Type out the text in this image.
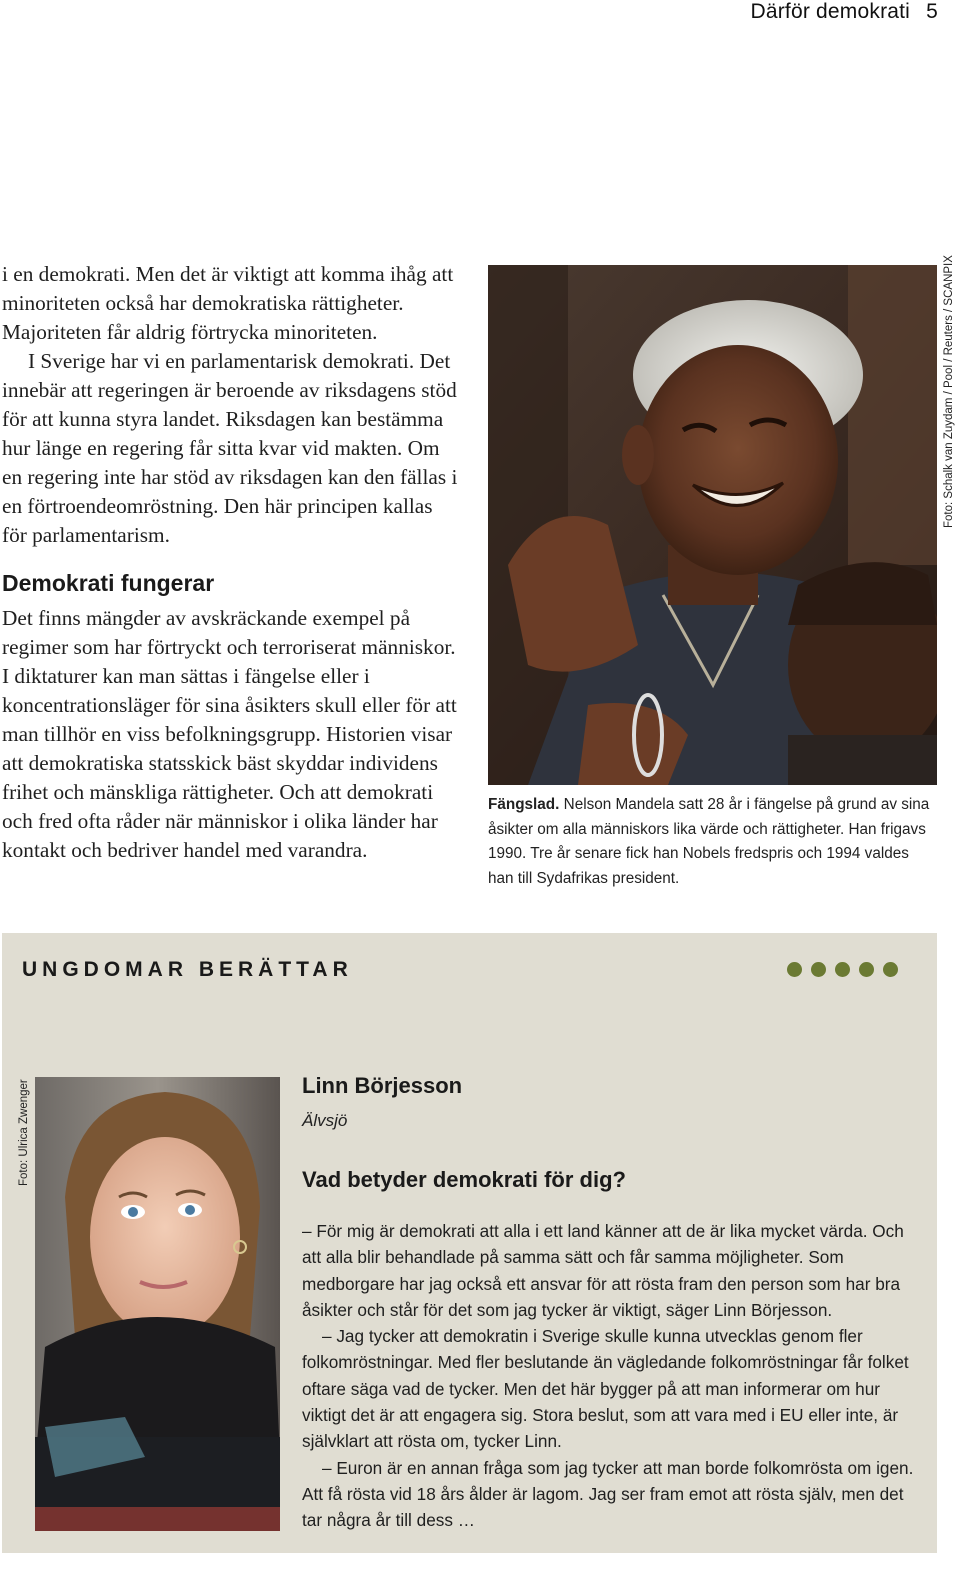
Därför demokrati 5

i en demokrati. Men det är viktigt att komma ihåg att minoriteten också har demokratiska rättigheter. Majoriteten får aldrig förtrycka minoriteten.

I Sverige har vi en parlamentarisk demokrati. Det innebär att regeringen är beroende av riksdagens stöd för att kunna styra landet. Riksdagen kan bestämma hur länge en regering får sitta kvar vid makten. Om en regering inte har stöd av riksdagen kan den fällas i en förtroendeomröstning. Den här principen kallas för parlamentarism.

Demokrati fungerar

Det finns mängder av avskräckande exempel på regimer som har förtryckt och terroriserat människor. I diktaturer kan man sättas i fängelse eller i koncentrationsläger för sina åsikters skull eller för att man tillhör en viss befolkningsgrupp. Historien visar att demokratiska statsskick bäst skyddar individens frihet och mänskliga rättigheter. Och att demokrati och fred ofta råder när människor i olika länder har kontakt och bedriver handel med varandra.

Foto: Schalk van Zuydam / Pool / Reuters / SCANPIX
Fängslad. Nelson Mandela satt 28 år i fängelse på grund av sina åsikter om alla människors lika värde och rättigheter. Han frigavs 1990. Tre år senare fick han Nobels fredspris och 1994 valdes han till Sydafrikas president.
UNGDOMAR BERÄTTAR
Foto: Ulrica Zwenger	Linn Börjesson
Älvsjö
Vad betyder demokrati för dig?

– För mig är demokrati att alla i ett land känner att de är lika mycket värda. Och att alla blir behandlade på samma sätt och får samma möjligheter. Som medborgare har jag också ett ansvar för att rösta fram den person som har bra åsikter och står för det som jag tycker är viktigt, säger Linn Börjesson.

– Jag tycker att demokratin i Sverige skulle kunna utvecklas genom fler folkomröstningar. Med fler beslutande än vägledande folkomröstningar får folket oftare säga vad de tycker. Men det här bygger på att man informerar om hur viktigt det är att engagera sig. Stora beslut, som att vara med i EU eller inte, är självklart att rösta om, tycker Linn.

– Euron är en annan fråga som jag tycker att man borde folkomrösta om igen. Att få rösta vid 18 års ålder är lagom. Jag ser fram emot att rösta själv, men det tar några år till dess …
